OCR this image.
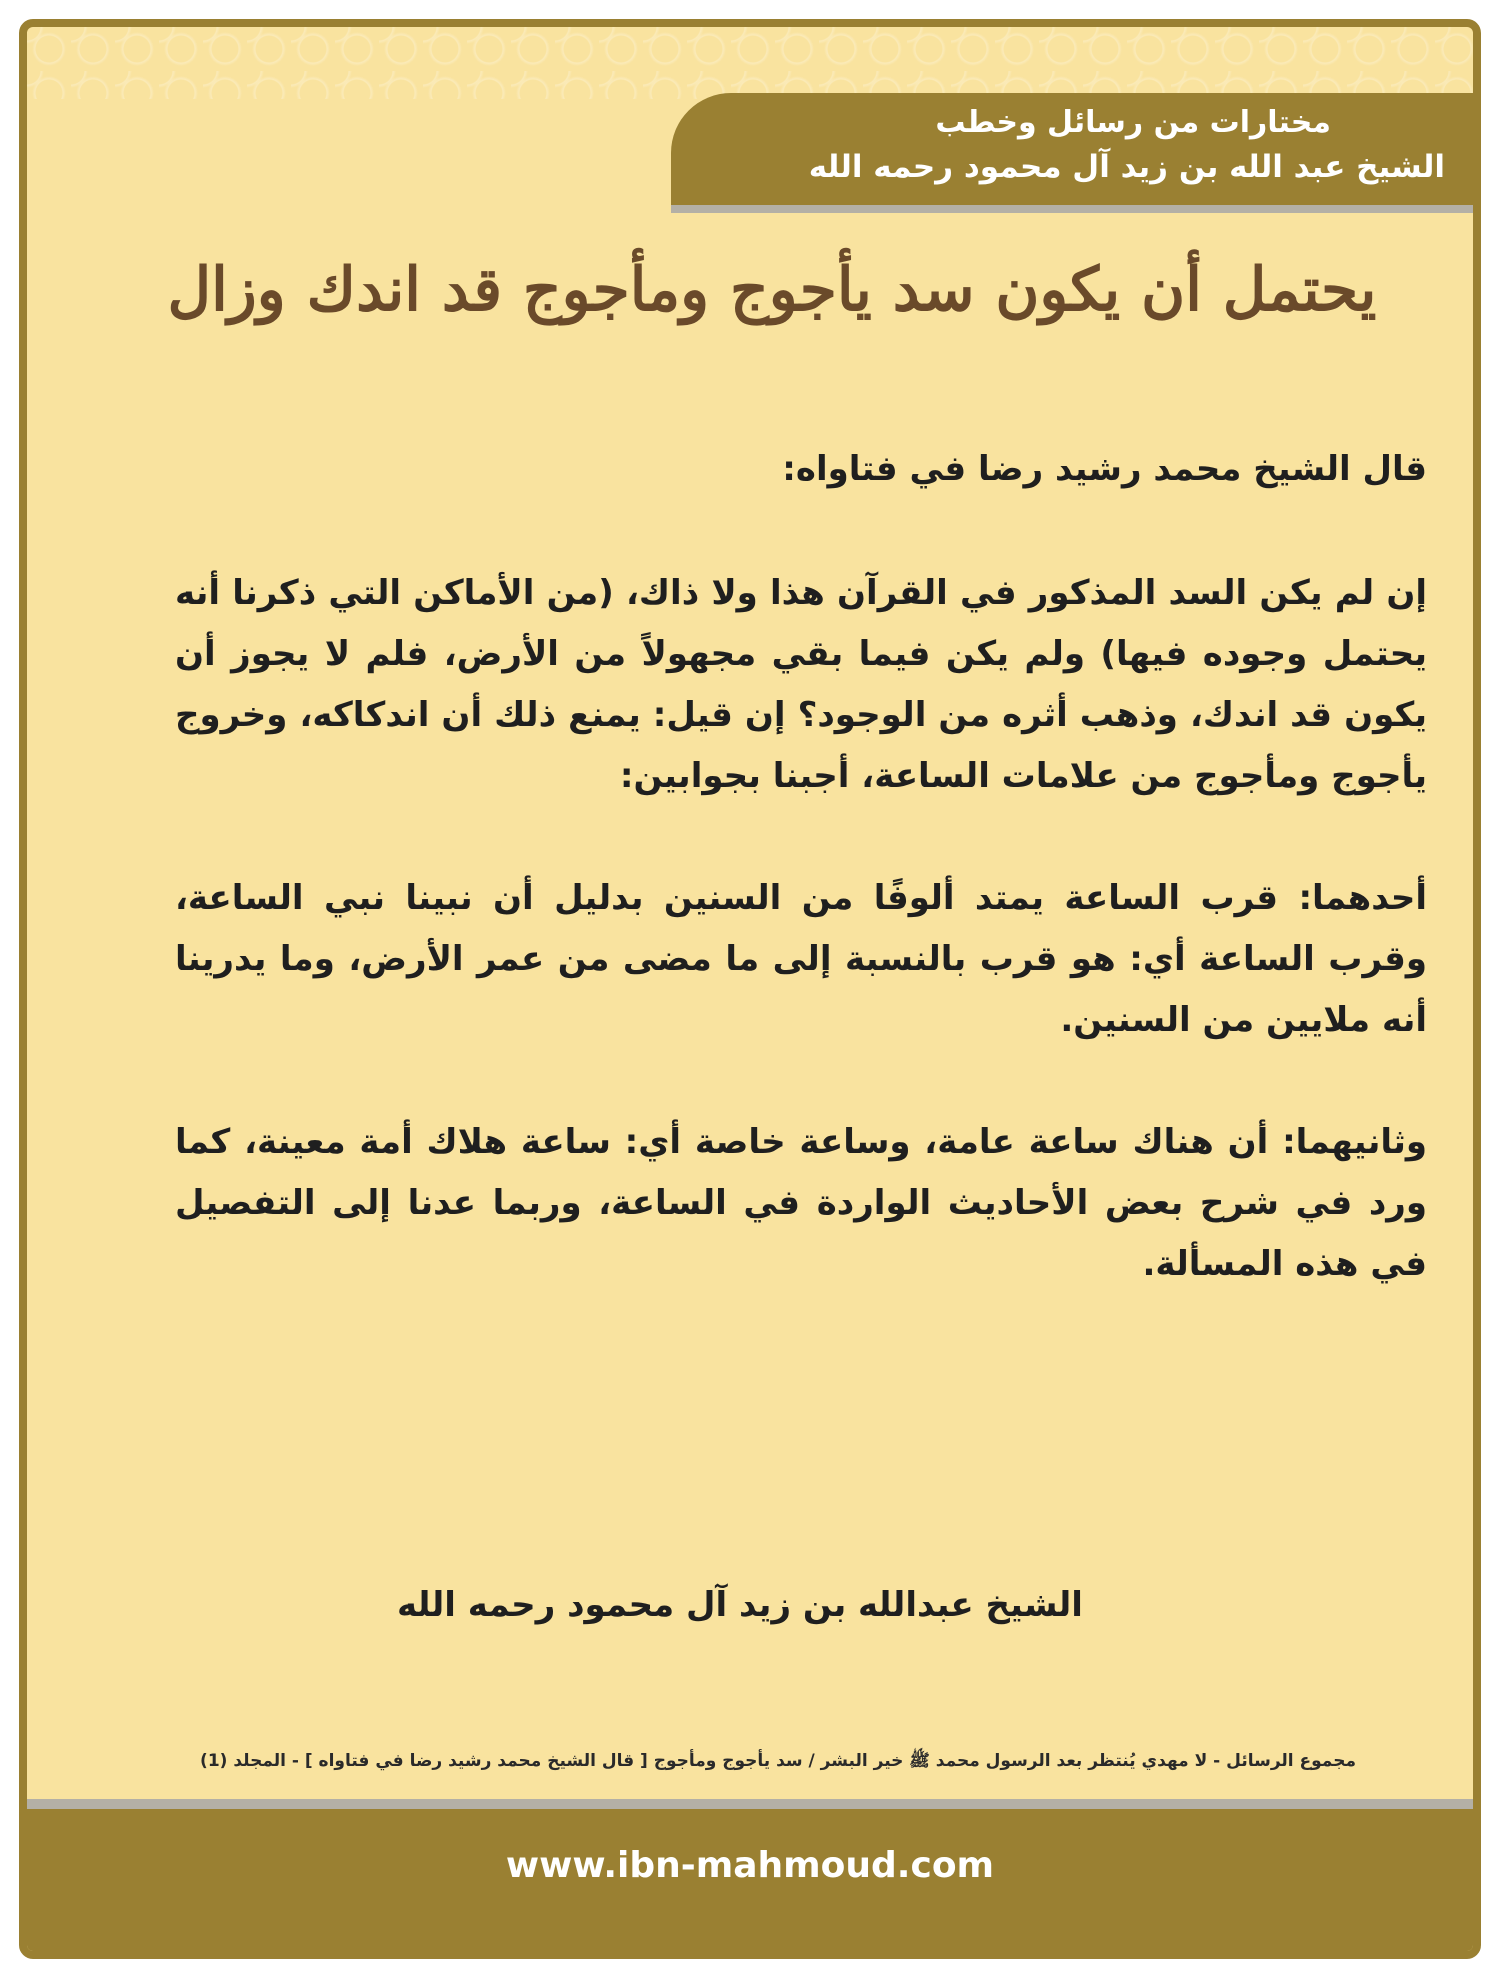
مختارات من رسائل وخطب
الشيخ عبد الله بن زيد آل محمود رحمه الله
يحتمل أن يكون سد يأجوج ومأجوج قد اندك وزال

قال الشيخ محمد رشيد رضا في فتاواه:

إن لم يكن السد المذكور في القرآن هذا ولا ذاك، (من الأماكن التي ذكرنا أنه يحتمل وجوده فيها) ولم يكن فيما بقي مجهولاً من الأرض، فلم لا يجوز أن يكون قد اندك، وذهب أثره من الوجود؟ إن قيل: يمنع ذلك أن اندكاكه، وخروج يأجوج ومأجوج من علامات الساعة، أجبنا بجوابين:

أحدهما: قرب الساعة يمتد ألوفًا من السنين بدليل أن نبينا نبي الساعة، وقرب الساعة أي: هو قرب بالنسبة إلى ما مضى من عمر الأرض، وما يدرينا أنه ملايين من السنين.

وثانيهما: أن هناك ساعة عامة، وساعة خاصة أي: ساعة هلاك أمة معينة، كما ورد في شرح بعض الأحاديث الواردة في الساعة، وربما عدنا إلى التفصيل في هذه المسألة.

الشيخ عبدالله بن زيد آل محمود رحمه الله
مجموع الرسائل - لا مهدي يُنتظر بعد الرسول محمد ﷺ خير البشر / سد يأجوج ومأجوج [ قال الشيخ محمد رشيد رضا في فتاواه ] - المجلد (1)
www.ibn-mahmoud.com
